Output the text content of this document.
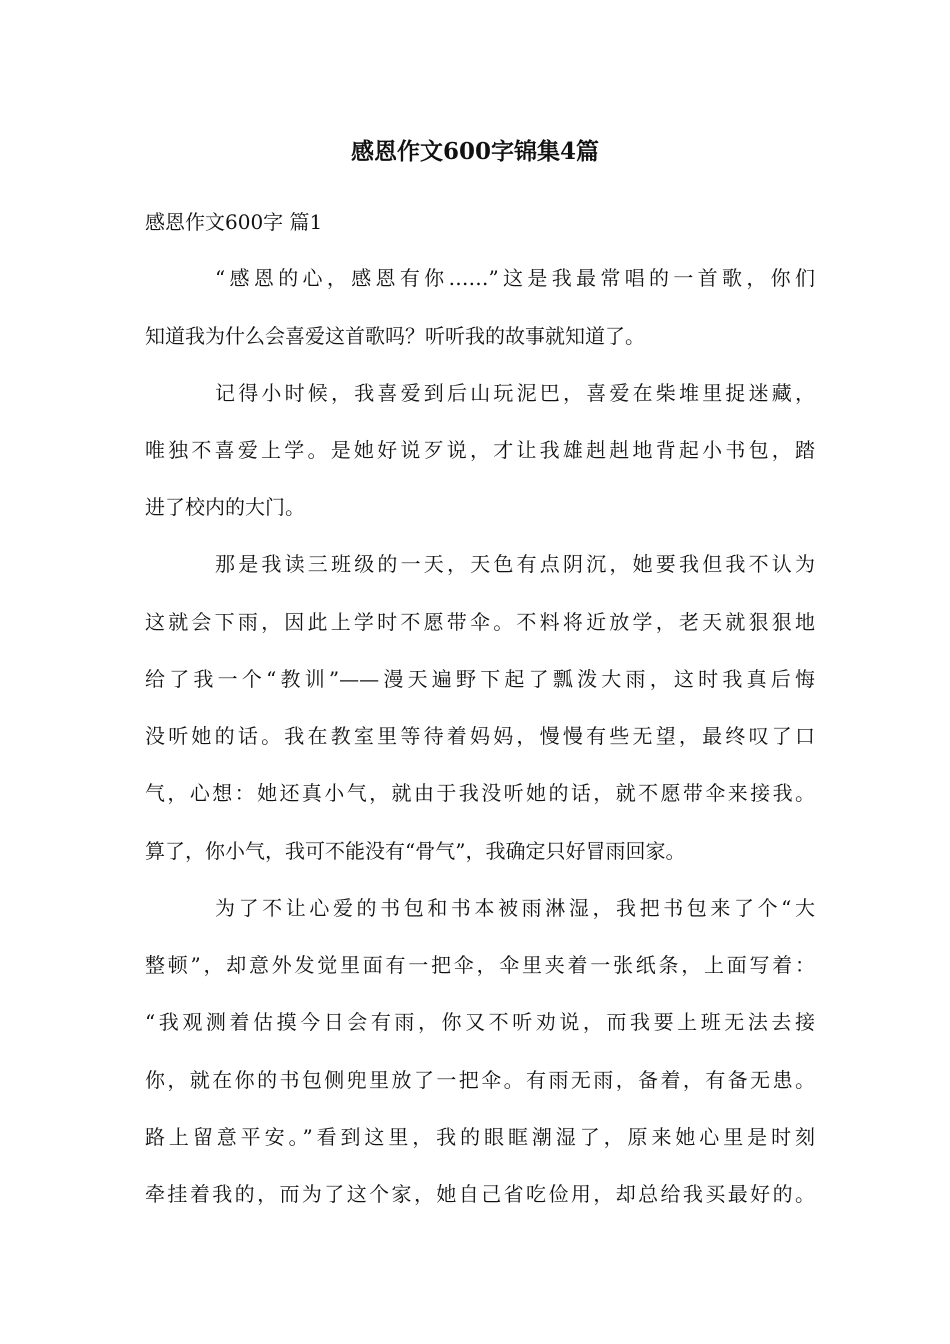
感恩作文600字锦集4篇
感恩作文600字 篇1
“感恩的心，感恩有你……”这是我最常唱的一首歌，你们
知道我为什么会喜爱这首歌吗？听听我的故事就知道了。
记得小时候，我喜爱到后山玩泥巴，喜爱在柴堆里捉迷藏，
唯独不喜爱上学。是她好说歹说，才让我雄赳赳地背起小书包，踏
进了校内的大门。
那是我读三班级的一天，天色有点阴沉，她要我但我不认为
这就会下雨，因此上学时不愿带伞。不料将近放学，老天就狠狠地
给了我一个“教训”——漫天遍野下起了瓢泼大雨，这时我真后悔
没听她的话。我在教室里等待着妈妈，慢慢有些无望，最终叹了口
气，心想：她还真小气，就由于我没听她的话，就不愿带伞来接我。
算了，你小气，我可不能没有“骨气”，我确定只好冒雨回家。
为了不让心爱的书包和书本被雨淋湿，我把书包来了个“大
整顿”，却意外发觉里面有一把伞，伞里夹着一张纸条，上面写着：
“我观测着估摸今日会有雨，你又不听劝说，而我要上班无法去接
你，就在你的书包侧兜里放了一把伞。有雨无雨，备着，有备无患。
路上留意平安。”看到这里，我的眼眶潮湿了，原来她心里是时刻
牵挂着我的，而为了这个家，她自己省吃俭用，却总给我买最好的。
